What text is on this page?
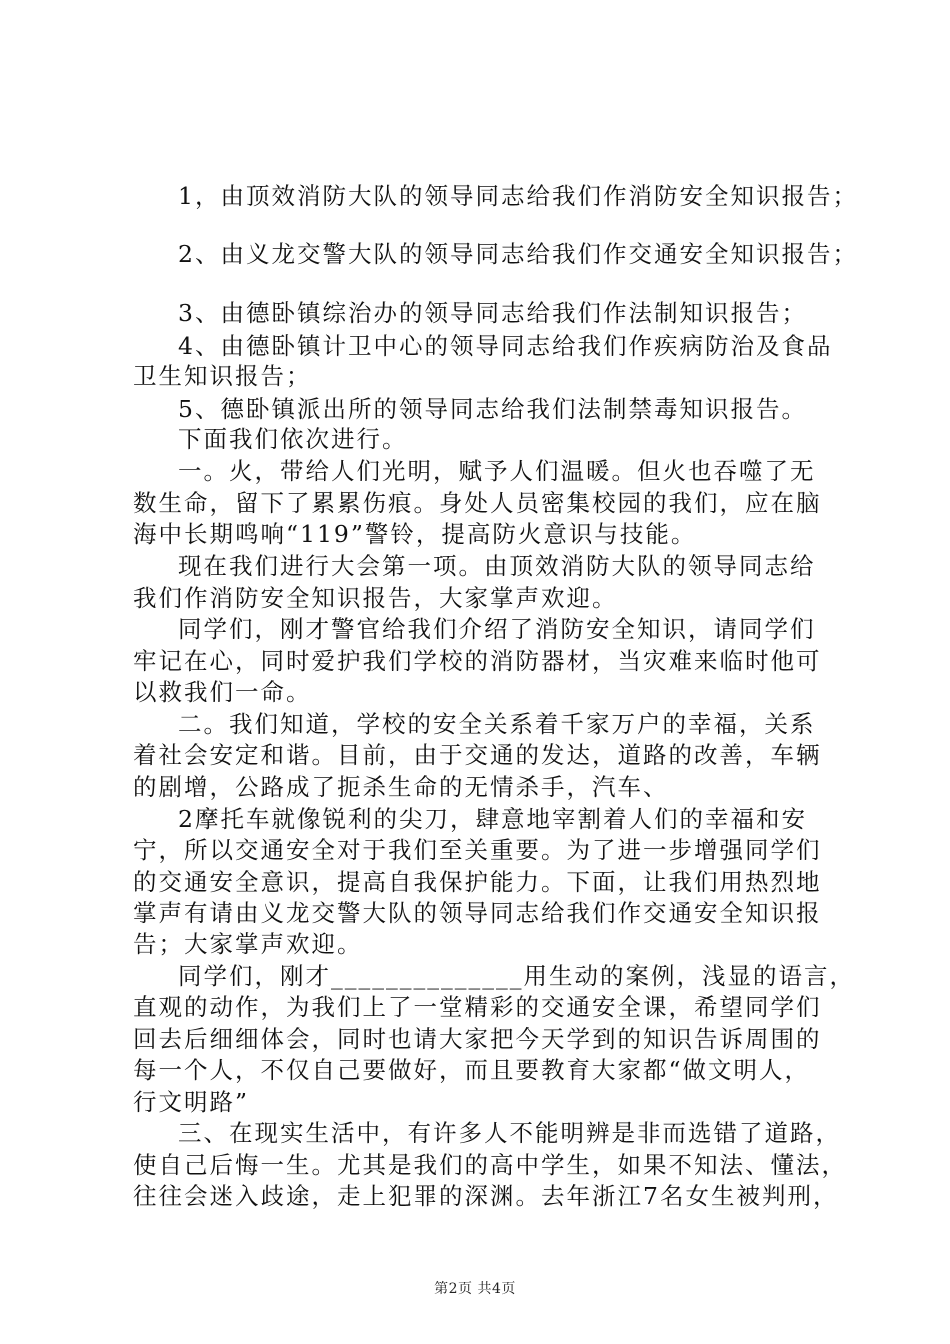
1，由顶效消防大队的领导同志给我们作消防安全知识报告；
2、由义龙交警大队的领导同志给我们作交通安全知识报告；
3、由德卧镇综治办的领导同志给我们作法制知识报告；
4、由德卧镇计卫中心的领导同志给我们作疾病防治及食品
卫生知识报告；
5、德卧镇派出所的领导同志给我们法制禁毒知识报告。
下面我们依次进行。
一。火，带给人们光明，赋予人们温暖。但火也吞噬了无
数生命，留下了累累伤痕。身处人员密集校园的我们，应在脑
海中长期鸣响“119”警铃，提高防火意识与技能。
现在我们进行大会第一项。由顶效消防大队的领导同志给
我们作消防安全知识报告，大家掌声欢迎。
同学们，刚才警官给我们介绍了消防安全知识，请同学们
牢记在心，同时爱护我们学校的消防器材，当灾难来临时他可
以救我们一命。
二。我们知道，学校的安全关系着千家万户的幸福，关系
着社会安定和谐。目前，由于交通的发达，道路的改善，车辆
的剧增，公路成了扼杀生命的无情杀手，汽车、
2摩托车就像锐利的尖刀，肆意地宰割着人们的幸福和安
宁，所以交通安全对于我们至关重要。为了进一步增强同学们
的交通安全意识，提高自我保护能力。下面，让我们用热烈地
掌声有请由义龙交警大队的领导同志给我们作交通安全知识报
告；大家掌声欢迎。
同学们，刚才______________用生动的案例，浅显的语言，
直观的动作，为我们上了一堂精彩的交通安全课，希望同学们
回去后细细体会，同时也请大家把今天学到的知识告诉周围的
每一个人，不仅自己要做好，而且要教育大家都“做文明人，
行文明路”
三、在现实生活中，有许多人不能明辨是非而选错了道路，
使自己后悔一生。尤其是我们的高中学生，如果不知法、懂法，
往往会迷入歧途，走上犯罪的深渊。去年浙江7名女生被判刑，
第2页 共4页
